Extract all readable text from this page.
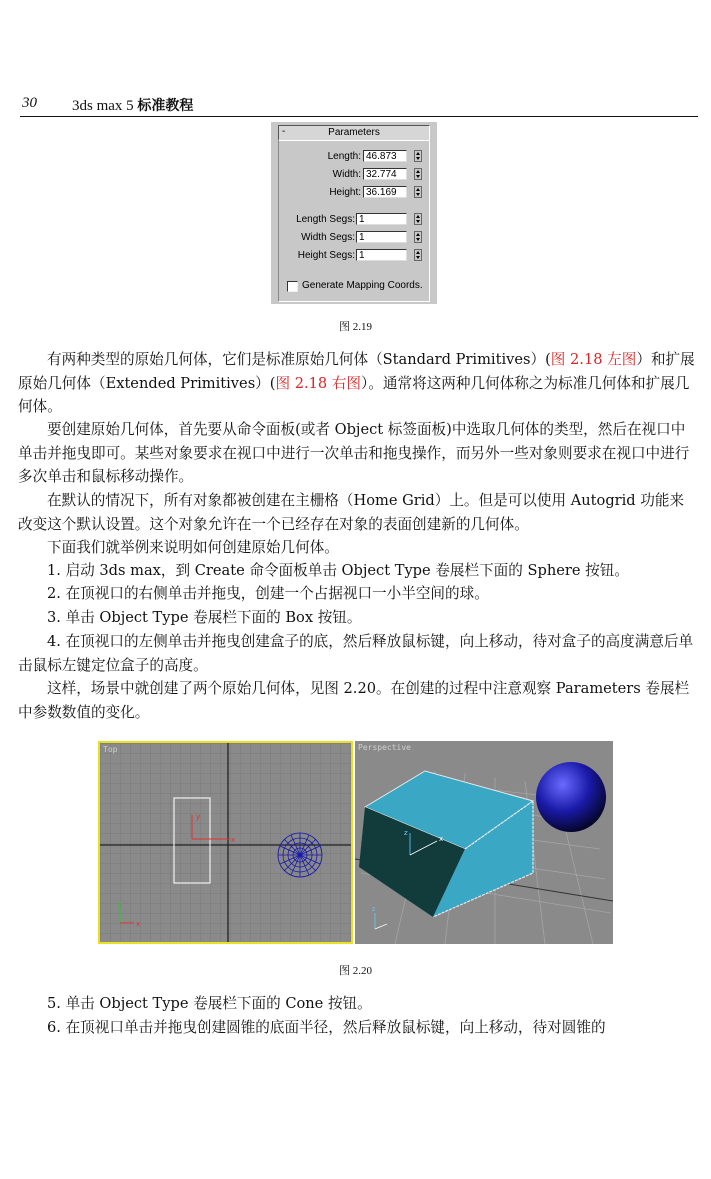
30 3ds max 5 标准教程
-	Parameters
Length: 46.873
Width: 32.774
Height: 36.169
Length Segs: 1
Width Segs: 1
Height Segs: 1
Generate Mapping Coords.
图 2.19

有两种类型的原始几何体，它们是标准原始几何体（Standard Primitives）(图 2.18 左图）和扩展原始几何体（Extended Primitives）(图 2.18 右图）。通常将这两种几何体称之为标准几何体和扩展几何体。

要创建原始几何体，首先要从命令面板(或者 Object 标签面板)中选取几何体的类型，然后在视口中单击并拖曳即可。某些对象要求在视口中进行一次单击和拖曳操作，而另外一些对象则要求在视口中进行多次单击和鼠标移动操作。

在默认的情况下，所有对象都被创建在主栅格（Home Grid）上。但是可以使用 Autogrid 功能来改变这个默认设置。这个对象允许在一个已经存在对象的表面创建新的几何体。

下面我们就举例来说明如何创建原始几何体。

1. 启动 3ds max，到 Create 命令面板单击 Object Type 卷展栏下面的 Sphere 按钮。

2. 在顶视口的右侧单击并拖曳，创建一个占据视口一小半空间的球。

3. 单击 Object Type 卷展栏下面的 Box 按钮。

4. 在顶视口的左侧单击并拖曳创建盒子的底，然后释放鼠标键，向上移动，待对盒子的高度满意后单击鼠标左键定位盒子的高度。

这样，场景中就创建了两个原始几何体，见图 2.20。在创建的过程中注意观察 Parameters 卷展栏中参数数值的变化。

y
x
x
y
Top
z
x
z
Perspective
图 2.20

5. 单击 Object Type 卷展栏下面的 Cone 按钮。

6. 在顶视口单击并拖曳创建圆锥的底面半径，然后释放鼠标键，向上移动，待对圆锥的
